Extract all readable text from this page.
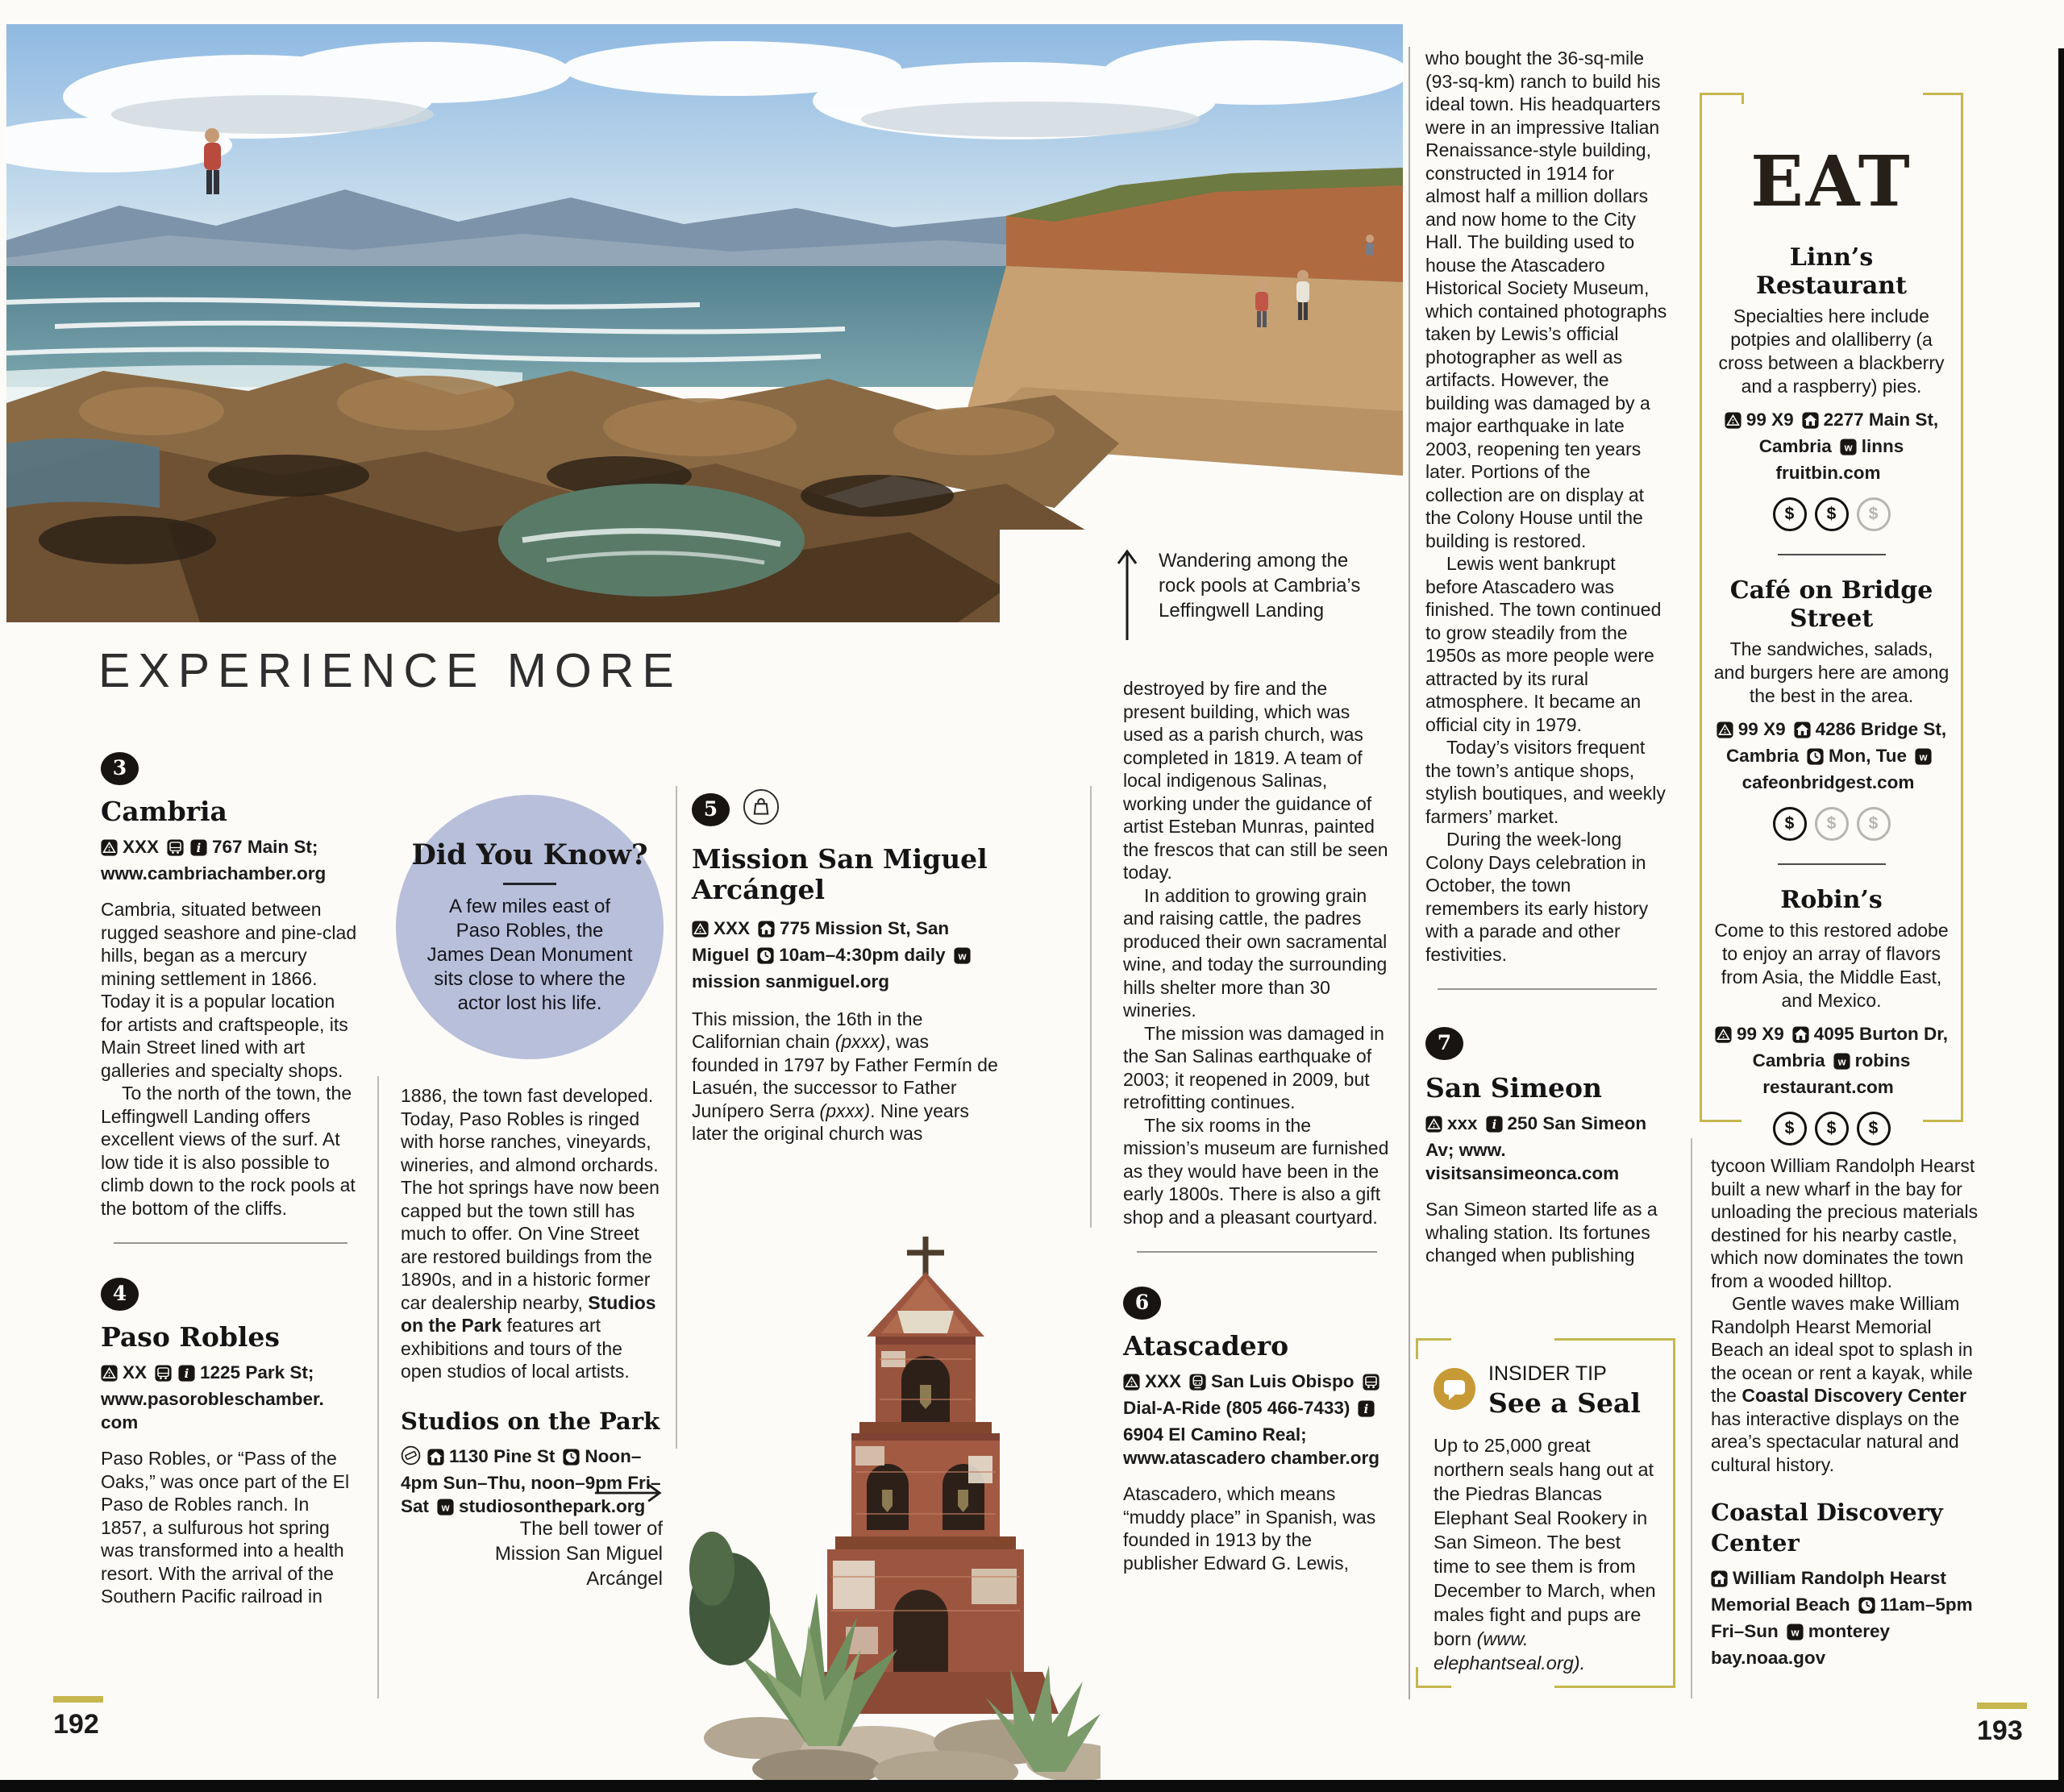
Wandering among the rock pools at Cambria’s Leffingwell Landing
EXPERIENCE MORE
3
Cambria
XXX	i 767 Main St; www.cambriachamber.org

Cambria, situated between rugged seashore and pine-clad hills, began as a mercury mining settlement in 1866. Today it is a popular location for artists and craftspeople, its Main Street lined with art galleries and specialty shops.

To the north of the town, the Leffingwell Landing offers excellent views of the surf. At low tide it is also possible to climb down to the rock pools at the bottom of the cliffs.

4
Paso Robles
XX	i 1225 Park St; www.pasorobleschamber. com

Paso Robles, or “Pass of the Oaks,” was once part of the El Paso de Robles ranch. In 1857, a sulfurous hot spring was transformed into a health resort. With the arrival of the Southern Pacific railroad in

Did You Know?
A few miles east of Paso Robles, the James Dean Monument sits close to where the actor lost his life.

1886, the town fast developed. Today, Paso Robles is ringed with horse ranches, vineyards, wineries, and almond orchards. The hot springs have now been capped but the town still has much to offer. On Vine Street are restored buildings from the 1890s, and in a historic former car dealership nearby, Studios on the Park features art exhibitions and tours of the open studios of local artists.

Studios on the Park
1130 Pine St Noon–4pm Sun–Thu, noon–9pm Fri–Sat w studiosonthepark.org
The bell tower of Mission San Miguel Arcángel
5
Mission San Miguel Arcángel
XXX 775 Mission St, San Miguel 10am–4:30pm daily w
mission sanmiguel.org

This mission, the 16th in the Californian chain (pxxx), was founded in 1797 by Father Fermín de Lasuén, the successor to Father Junípero Serra (pxxx). Nine years later the original church was

destroyed by fire and the present building, which was used as a parish church, was completed in 1819. A team of local indigenous Salinas, working under the guidance of artist Esteban Munras, painted the frescos that can still be seen today.

In addition to growing grain and raising cattle, the padres produced their own sacramental wine, and today the surrounding hills shelter more than 30 wineries.

The mission was damaged in the San Salinas earthquake of 2003; it reopened in 2009, but retrofitting continues.

The six rooms in the mission’s museum are furnished as they would have been in the early 1800s. There is also a gift shop and a pleasant courtyard.

6
Atascadero
XXX San Luis ObispoDial-A-Ride (805 466-7433) i
6904 El Camino Real; www.atascadero chamber.org

Atascadero, which means “muddy place” in Spanish, was founded in 1913 by the publisher Edward G. Lewis,

who bought the 36-sq-mile (93-sq-km) ranch to build his ideal town. His headquarters were in an impressive Italian Renaissance-style building, constructed in 1914 for almost half a million dollars and now home to the City Hall. The building used to house the Atascadero Historical Society Museum, which contained photographs taken by Lewis’s official photographer as well as artifacts. However, the building was damaged by a major earthquake in late 2003, reopening ten years later. Portions of the collection are on display at the Colony House until the building is restored.

Lewis went bankrupt before Atascadero was finished. The town continued to grow steadily from the 1950s as more people were attracted by its rural atmosphere. It became an official city in 1979.

Today’s visitors frequent the town’s antique shops, stylish boutiques, and weekly farmers’ market.

During the week-long Colony Days celebration in October, the town remembers its early history with a parade and other festivities.

7
San Simeon
xxx i 250 San Simeon Av; www. visitsansimeonca.com

San Simeon started life as a whaling station. Its fortunes changed when publishing

INSIDER TIP
See a Seal

Up to 25,000 great northern seals hang out at the Piedras Blancas Elephant Seal Rookery in San Simeon. The best time to see them is from December to March, when males fight and pups are born (www. elephantseal.org).

tycoon William Randolph Hearst built a new wharf in the bay for unloading the precious materials destined for his nearby castle, which now dominates the town from a wooded hilltop.

Gentle waves make William Randolph Hearst Memorial Beach an ideal spot to splash in the ocean or rent a kayak, while the Coastal Discovery Center has interactive displays on the area’s spectacular natural and cultural history.

Coastal Discovery Center
William Randolph Hearst Memorial Beach 11am–5pm Fri–Sun w monterey bay.noaa.gov
EAT
Linn’s Restaurant
Specialties here include potpies and olalliberry (a cross between a blackberry and a raspberry) pies.
99 X9 2277 Main St, Cambria w linns fruitbin.com
$ $ $
Café on Bridge Street
The sandwiches, salads, and burgers here are among the best in the area.
99 X9 4286 Bridge St, Cambria Mon, Tue w
cafeonbridgest.com
$ $ $
Robin’s
Come to this restored adobe to enjoy an array of flavors from Asia, the Middle East, and Mexico.
99 X9 4095 Burton Dr, Cambria w robins restaurant.com
$ $ $
192	193
